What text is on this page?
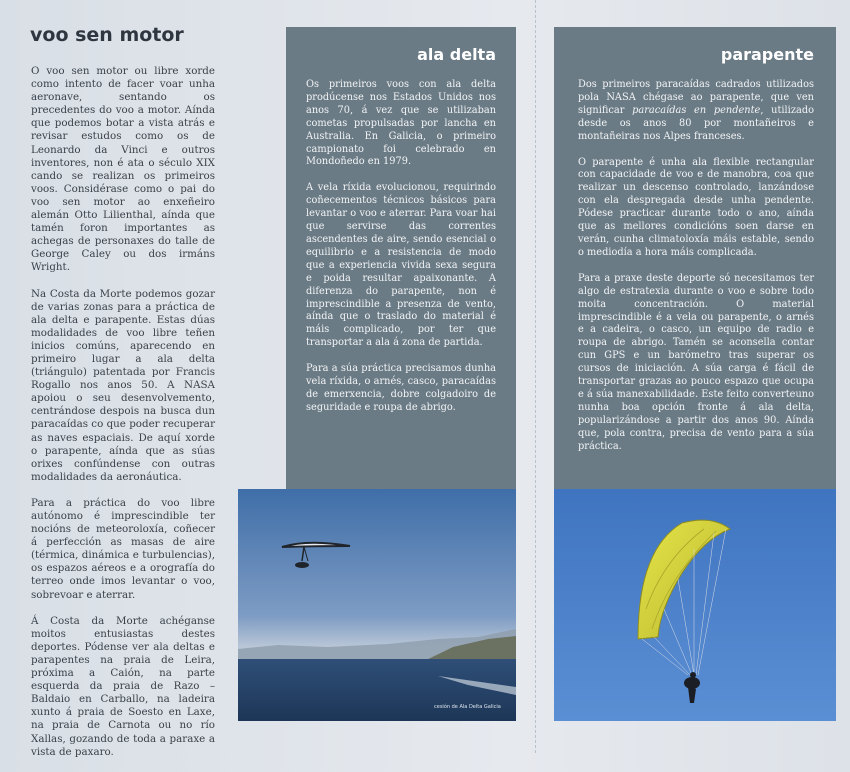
voo sen motor

O voo sen motor ou libre xorde como intento de facer voar unha aeronave, sentando os precedentes do voo a motor. Aínda que podemos botar a vista atrás e revisar estudos como os de Leonardo da Vinci e outros inventores, non é ata o século XIX cando se realizan os primeiros voos. Considérase como o pai do voo sen motor ao enxeñeiro alemán Otto Lilienthal, aínda que tamén foron importantes as achegas de personaxes do talle de George Caley ou dos irmáns Wright.

Na Costa da Morte podemos gozar de varias zonas para a práctica de ala delta e parapente. Estas dúas modalidades de voo libre teñen inicios comúns, aparecendo en primeiro lugar a ala delta (triángulo) patentada por Francis Rogallo nos anos 50. A NASA apoiou o seu desenvolvemento, centrándose despois na busca dun paracaídas co que poder recuperar as naves espaciais. De aquí xorde o parapente, aínda que as súas orixes confúndense con outras modalidades da aeronáutica.

Para a práctica do voo libre autónomo é imprescindible ter nocións de meteoroloxía, coñecer á perfección as masas de aire (térmica, dinámica e turbulencias), os espazos aéreos e a orografía do terreo onde imos levantar o voo, sobrevoar e aterrar.

Á Costa da Morte achéganse moitos entusiastas destes deportes. Pódense ver ala deltas e parapentes na praia de Leira, próxima a Caión, na parte esquerda da praia de Razo – Baldaio en Carballo, na ladeira xunto á praia de Soesto en Laxe, na praia de Carnota ou no río Xallas, gozando de toda a paraxe a vista de paxaro.

ala delta

Os primeiros voos con ala delta prodúcense nos Estados Unidos nos anos 70, á vez que se utilizaban cometas propulsadas por lancha en Australia. En Galicia, o primeiro campionato foi celebrado en Mondoñedo en 1979.

A vela ríxida evolucionou, requirindo coñecementos técnicos básicos para levantar o voo e aterrar. Para voar hai que servirse das correntes ascendentes de aire, sendo esencial o equilibrio e a resistencia de modo que a experiencia vivida sexa segura e poida resultar apaixonante. A diferenza do parapente, non é imprescindible a presenza de vento, aínda que o traslado do material é máis complicado, por ter que transportar a ala á zona de partida.

Para a súa práctica precisamos dunha vela ríxida, o arnés, casco, paracaídas de emerxencia, dobre colgadoiro de seguridade e roupa de abrigo.

parapente

Dos primeiros paracaídas cadrados utilizados pola NASA chégase ao parapente, que ven significar paracaídas en pendente, utilizado desde os anos 80 por montañeiros e montañeiras nos Alpes franceses.

O parapente é unha ala flexible rectangular con capacidade de voo e de manobra, coa que realizar un descenso controlado, lanzándose con ela despregada desde unha pendente. Pódese practicar durante todo o ano, aínda que as mellores condicións soen darse en verán, cunha climatoloxía máis estable, sendo o mediodía a hora máis complicada.

Para a praxe deste deporte só necesitamos ter algo de estratexia durante o voo e sobre todo moita concentración. O material imprescindible é a vela ou parapente, o arnés e a cadeira, o casco, un equipo de radio e roupa de abrigo. Tamén se aconsella contar cun GPS e un barómetro tras superar os cursos de iniciación. A súa carga é fácil de transportar grazas ao pouco espazo que ocupa e á súa manexabilidade. Este feito converteuno nunha boa opción fronte á ala delta, popularizándose a partir dos anos 90. Aínda que, pola contra, precisa de vento para a súa práctica.

cesión de Ala Delta Galicia
